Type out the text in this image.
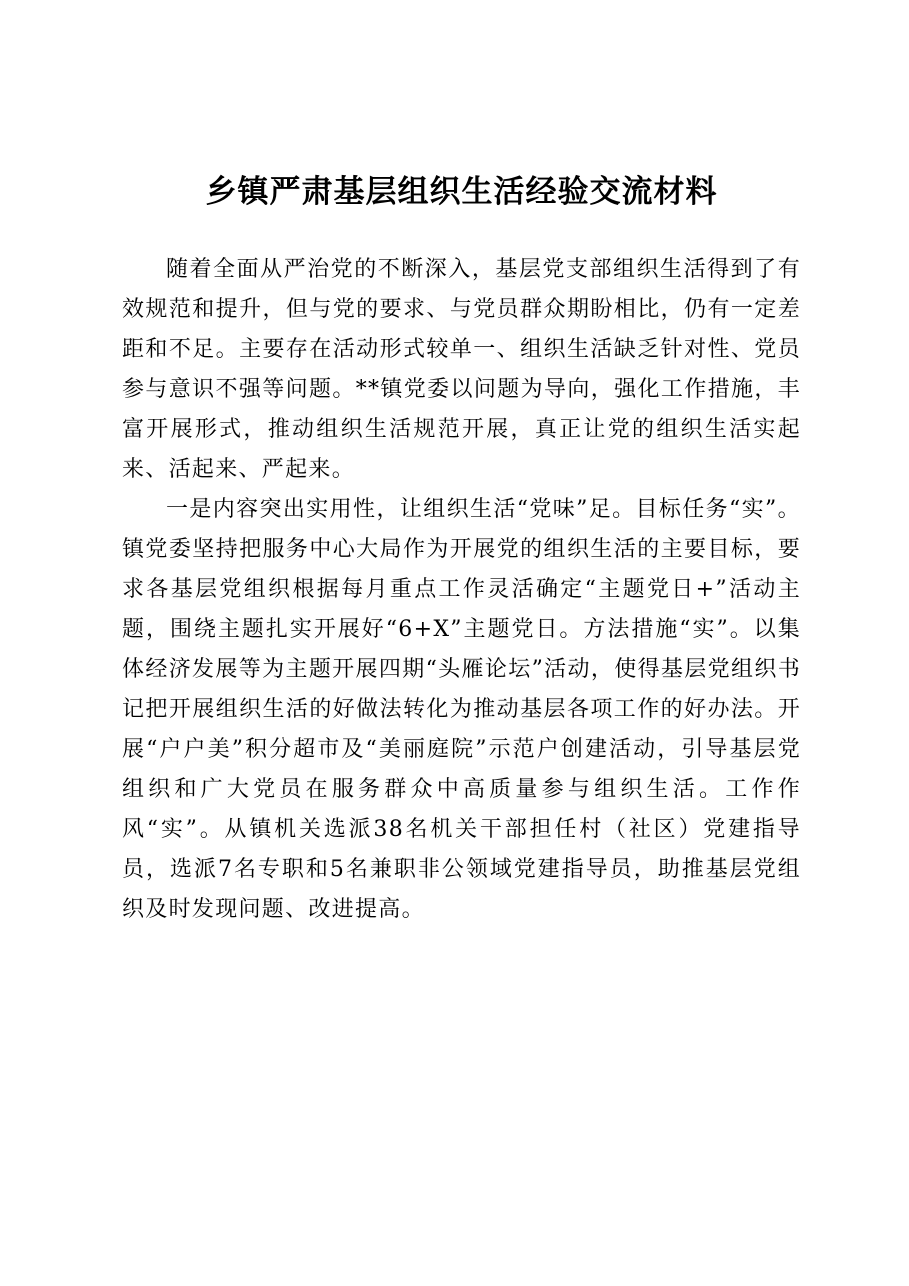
乡镇严肃基层组织生活经验交流材料

随着全面从严治党的不断深入，基层党支部组织生活得到了有效规范和提升，但与党的要求、与党员群众期盼相比，仍有一定差距和不足。主要存在活动形式较单一、组织生活缺乏针对性、党员参与意识不强等问题。**镇党委以问题为导向，强化工作措施，丰富开展形式，推动组织生活规范开展，真正让党的组织生活实起来、活起来、严起来。

一是内容突出实用性，让组织生活“党味”足。目标任务“实”。镇党委坚持把服务中心大局作为开展党的组织生活的主要目标，要求各基层党组织根据每月重点工作灵活确定“主题党日+”活动主题，围绕主题扎实开展好“6+X”主题党日。方法措施“实”。以集体经济发展等为主题开展四期“头雁论坛”活动，使得基层党组织书记把开展组织生活的好做法转化为推动基层各项工作的好办法。开展“户户美”积分超市及“美丽庭院”示范户创建活动，引导基层党组织和广大党员在服务群众中高质量参与组织生活。工作作风“实”。从镇机关选派38名机关干部担任村（社区）党建指导员，选派7名专职和5名兼职非公领域党建指导员，助推基层党组织及时发现问题、改进提高。
